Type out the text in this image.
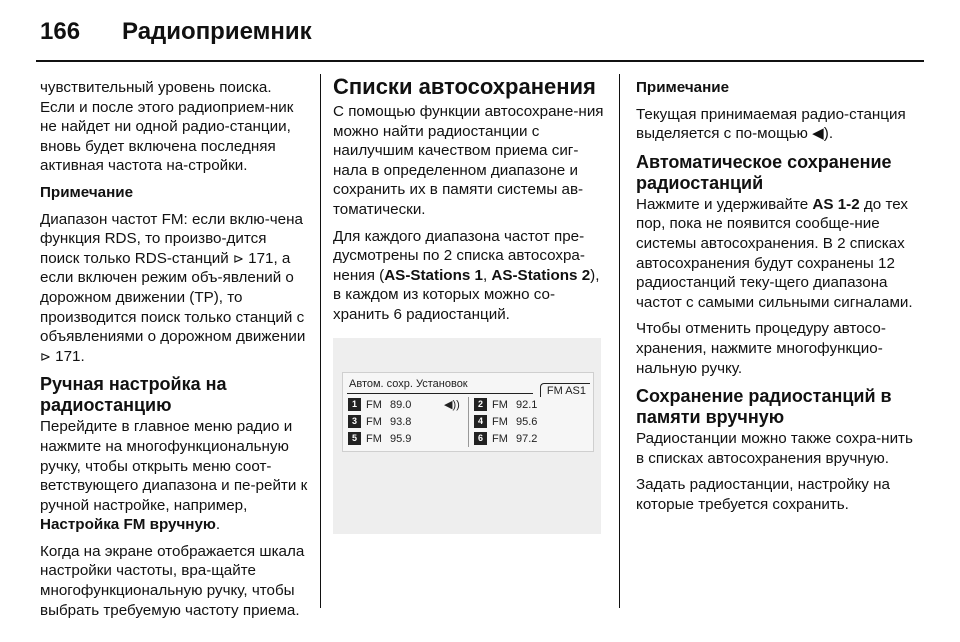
166 Радиоприемник

чувствительный уровень поиска. Если и после этого радиоприем-ник не найдет ни одной радио-станции, вновь будет включена последняя активная частота на-стройки.

Примечание

Диапазон частот FM: если вклю-чена функция RDS, то произво-дится поиск только RDS-станций ⊳ 171, а если включен режим объ-явлений о дорожном движении (TP), то производится поиск только станций с объявлениями о дорожном движении ⊳ 171.

Ручная настройка на радиостанцию

Перейдите в главное меню радио и нажмите на многофункциональную ручку, чтобы открыть меню соот-ветствующего диапазона и пе-рейти к ручной настройке, например, Настройка FM вручную.

Когда на экране отображается шкала настройки частоты, вра-щайте многофункциональную ручку, чтобы выбрать требуемую частоту приема.

Списки автосохранения

С помощью функции автосохране-ния можно найти радиостанции с наилучшим качеством приема сиг-нала в определенном диапазоне и сохранить их в памяти системы ав-томатически.

Для каждого диапазона частот пре-дусмотрены по 2 списка автосохра-нения (AS-Stations 1, AS-Stations 2), в каждом из которых можно со-хранить 6 радиостанций.

Автом. сохр. Установок
FM AS1
1 FM 89.0	◀))	2 FM 92.1
3 FM 93.8	4 FM 95.6
5 FM 95.9	6 FM 97.2

Примечание

Текущая принимаемая радио-станция выделяется с по-мощью ◀).

Автоматическое сохранение радиостанций

Нажмите и удерживайте AS 1-2 до тех пор, пока не появится сообще-ние системы автосохранения. В 2 списках автосохранения будут сохранены 12 радиостанций теку-щего диапазона частот с самыми сильными сигналами.

Чтобы отменить процедуру автосо-хранения, нажмите многофункцио-нальную ручку.

Сохранение радиостанций в памяти вручную

Радиостанции можно также сохра-нить в списках автосохранения вручную.

Задать радиостанции, настройку на которые требуется сохранить.
